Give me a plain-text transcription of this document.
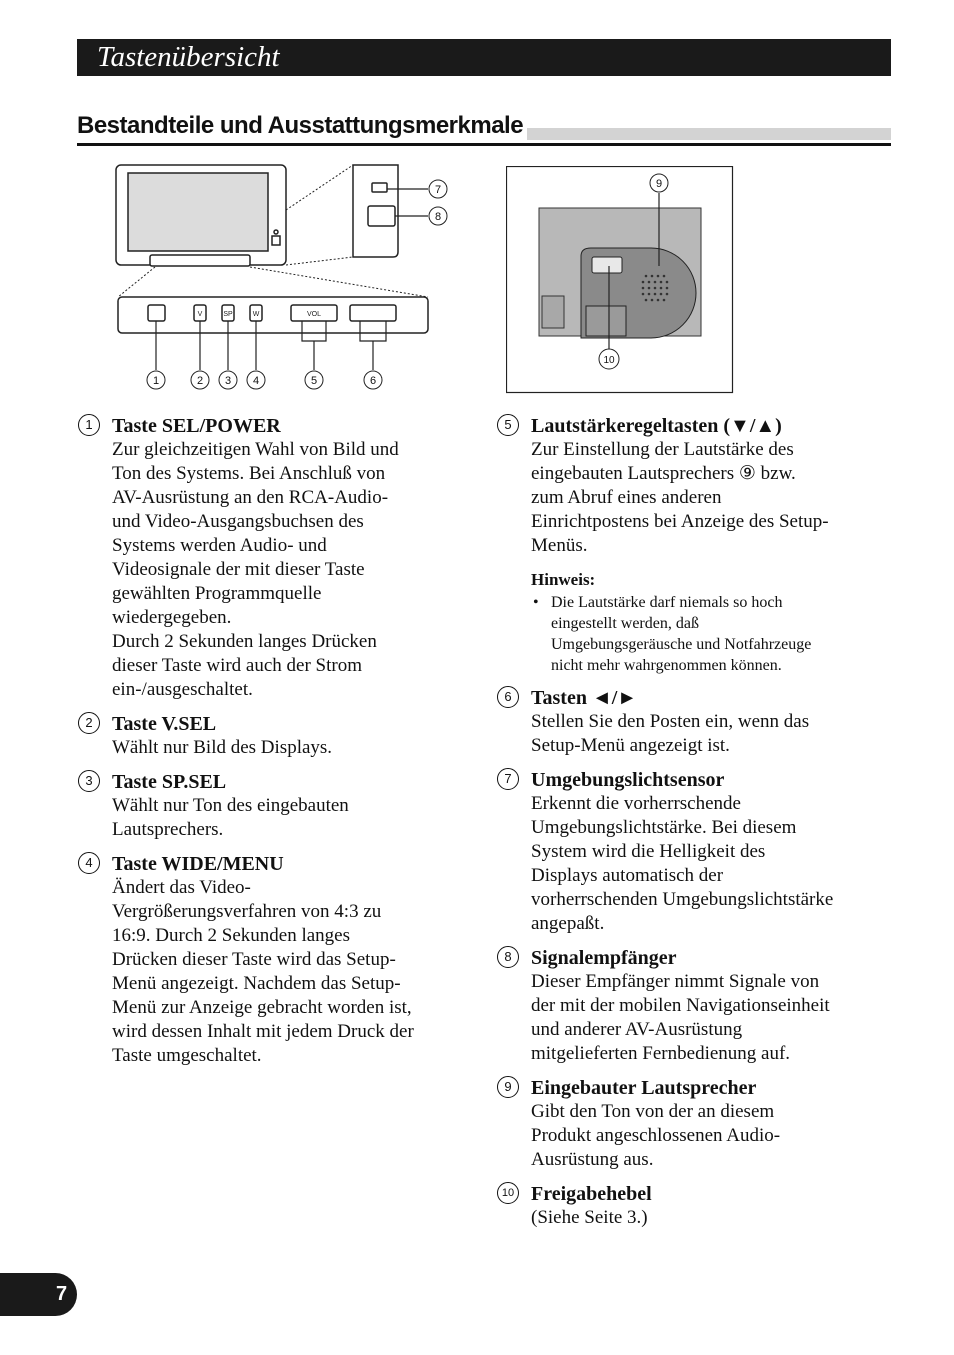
Tastenübersicht
Bestandteile und Ausstattungsmerkmale
V	SP	W	VOL
1	2 3 4	5	6
7
8
9
10
1 Taste SEL/POWER
Zur gleichzeitigen Wahl von Bild und
Ton des Systems. Bei Anschluß von
AV-Ausrüstung an den RCA-Audio-
und Video-Ausgangsbuchsen des
Systems werden Audio- und
Videosignale der mit dieser Taste
gewählten Programmquelle
wiedergegeben.
Durch 2 Sekunden langes Drücken
dieser Taste wird auch der Strom
ein-/ausgeschaltet.
2 Taste V.SEL
Wählt nur Bild des Displays.
3 Taste SP.SEL
Wählt nur Ton des eingebauten
Lautsprechers.
4 Taste WIDE/MENU
Ändert das Video-
Vergrößerungsverfahren von 4:3 zu
16:9. Durch 2 Sekunden langes
Drücken dieser Taste wird das Setup-
Menü angezeigt. Nachdem das Setup-
Menü zur Anzeige gebracht worden ist,
wird dessen Inhalt mit jedem Druck der
Taste umgeschaltet.
5 Lautstärkeregeltasten (▼/▲)
Zur Einstellung der Lautstärke des
eingebauten Lautsprechers ⑨ bzw.
zum Abruf eines anderen
Einrichtpostens bei Anzeige des Setup-
Menüs.
Hinweis:
• Die Lautstärke darf niemals so hoch
eingestellt werden, daß
Umgebungsgeräusche und Notfahrzeuge
nicht mehr wahrgenommen können.
6 Tasten ◄/►
Stellen Sie den Posten ein, wenn das
Setup-Menü angezeigt ist.
7 Umgebungslichtsensor
Erkennt die vorherrschende
Umgebungslichtstärke. Bei diesem
System wird die Helligkeit des
Displays automatisch der
vorherrschenden Umgebungslichtstärke
angepaßt.
8 Signalempfänger
Dieser Empfänger nimmt Signale von
der mit der mobilen Navigationseinheit
und anderer AV-Ausrüstung
mitgelieferten Fernbedienung auf.
9 Eingebauter Lautsprecher
Gibt den Ton von der an diesem
Produkt angeschlossenen Audio-
Ausrüstung aus.
10 Freigabehebel
(Siehe Seite 3.)
7
